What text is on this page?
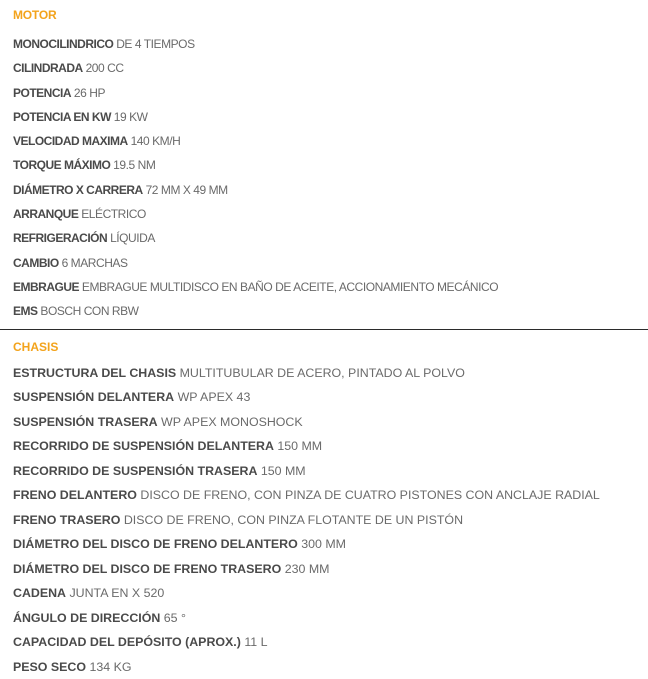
MOTOR
MONOCILINDRICO DE 4 TIEMPOS
CILINDRADA 200 CC
POTENCIA 26 HP
POTENCIA EN KW 19 KW
VELOCIDAD MAXIMA 140 KM/H
TORQUE MÁXIMO 19.5 NM
DIÁMETRO X CARRERA 72 MM X 49 MM
ARRANQUE ELÉCTRICO
REFRIGERACIÓN LÍQUIDA
CAMBIO 6 MARCHAS
EMBRAGUE EMBRAGUE MULTIDISCO EN BAÑO DE ACEITE, ACCIONAMIENTO MECÁNICO
EMS BOSCH CON RBW
CHASIS
ESTRUCTURA DEL CHASIS MULTITUBULAR DE ACERO, PINTADO AL POLVO
SUSPENSIÓN DELANTERA WP APEX 43
SUSPENSIÓN TRASERA WP APEX MONOSHOCK
RECORRIDO DE SUSPENSIÓN DELANTERA 150 MM
RECORRIDO DE SUSPENSIÓN TRASERA 150 MM
FRENO DELANTERO DISCO DE FRENO, CON PINZA DE CUATRO PISTONES CON ANCLAJE RADIAL
FRENO TRASERO DISCO DE FRENO, CON PINZA FLOTANTE DE UN PISTÓN
DIÁMETRO DEL DISCO DE FRENO DELANTERO 300 MM
DIÁMETRO DEL DISCO DE FRENO TRASERO 230 MM
CADENA JUNTA EN X 520
ÁNGULO DE DIRECCIÓN 65 °
CAPACIDAD DEL DEPÓSITO (APROX.) 11 L
PESO SECO 134 KG
